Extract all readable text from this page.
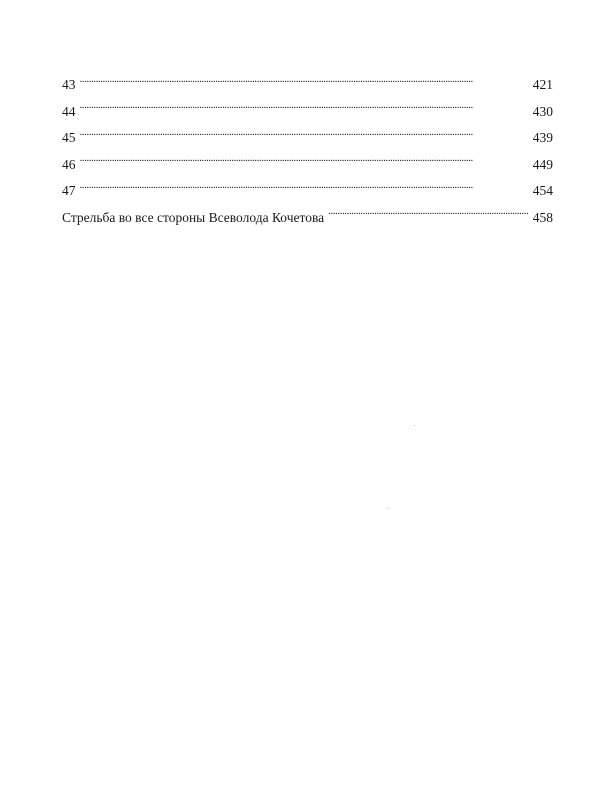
43 . . .	421
44 . . .	430
45 . . .	439
46 . . .	449
47 . . .	454
Стрельба во все стороны Всеволода Кочетова . . .	458
